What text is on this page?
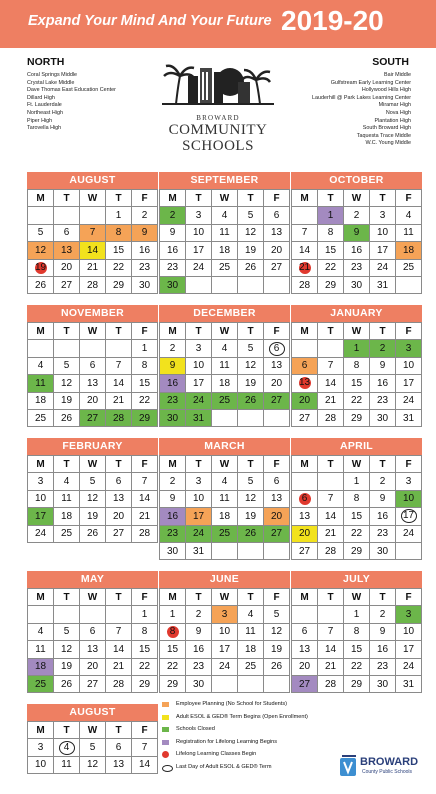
Expand Your Mind And Your Future 2019-20
NORTH
Coral Springs Middle
Crystal Lake Middle
Dave Thomas East Education Center
Dillard High
Ft. Lauderdale
Northeast High
Piper High
Tarovella High
SOUTH
Bair Middle
Gulfstream Early Learning Center
Hollywood Hills High
Lauderhill @ Park Lakes Learning Center
Miramar High
Nova High
Plantation High
South Broward High
Taquesta Trace Middle
W.C. Young Middle
BROWARD
COMMUNITY
SCHOOLS
AUGUST
M	T	W	T	F
			1	2
5	6	7	8	9
12	13	14	15	16
19	20	21	22	23
26	27	28	29	30
SEPTEMBER
M	T	W	T	F
2	3	4	5	6
9	10	11	12	13
16	17	18	19	20
23	24	25	26	27
30				
OCTOBER
M	T	W	T	F
	1	2	3	4
7	8	9	10	11
14	15	16	17	18
21	22	23	24	25
28	29	30	31	
NOVEMBER
M	T	W	T	F
				1
4	5	6	7	8
11	12	13	14	15
18	19	20	21	22
25	26	27	28	29
DECEMBER
M	T	W	T	F
2	3	4	5	6
9	10	11	12	13
16	17	18	19	20
23	24	25	26	27
30	31			
JANUARY
M	T	W	T	F
		1	2	3
6	7	8	9	10
13	14	15	16	17
20	21	22	23	24
27	28	29	30	31
FEBRUARY
M	T	W	T	F
3	4	5	6	7
10	11	12	13	14
17	18	19	20	21
24	25	26	27	28
MARCH
M	T	W	T	F
2	3	4	5	6
9	10	11	12	13
16	17	18	19	20
23	24	25	26	27
30	31			
APRIL
M	T	W	T	F
		1	2	3
6	7	8	9	10
13	14	15	16	17
20	21	22	23	24
27	28	29	30	
MAY
M	T	W	T	F
				1
4	5	6	7	8
11	12	13	14	15
18	19	20	21	22
25	26	27	28	29
JUNE
M	T	W	T	F
1	2	3	4	5
8	9	10	11	12
15	16	17	18	19
22	23	24	25	26
29	30			
JULY
M	T	W	T	F
		1	2	3
6	7	8	9	10
13	14	15	16	17
20	21	22	23	24
27	28	29	30	31
AUGUST
M	T	W	T	F
3	4	5	6	7
10	11	12	13	14
Employee Planning (No School for Students)
Adult ESOL & GED® Term Begins (Open Enrollment)
Schools Closed
Registration for Lifelong Learning Begins
Lifelong Learning Classes Begin
Last Day of Adult ESOL & GED® Term	BROWARD
County Public Schools
